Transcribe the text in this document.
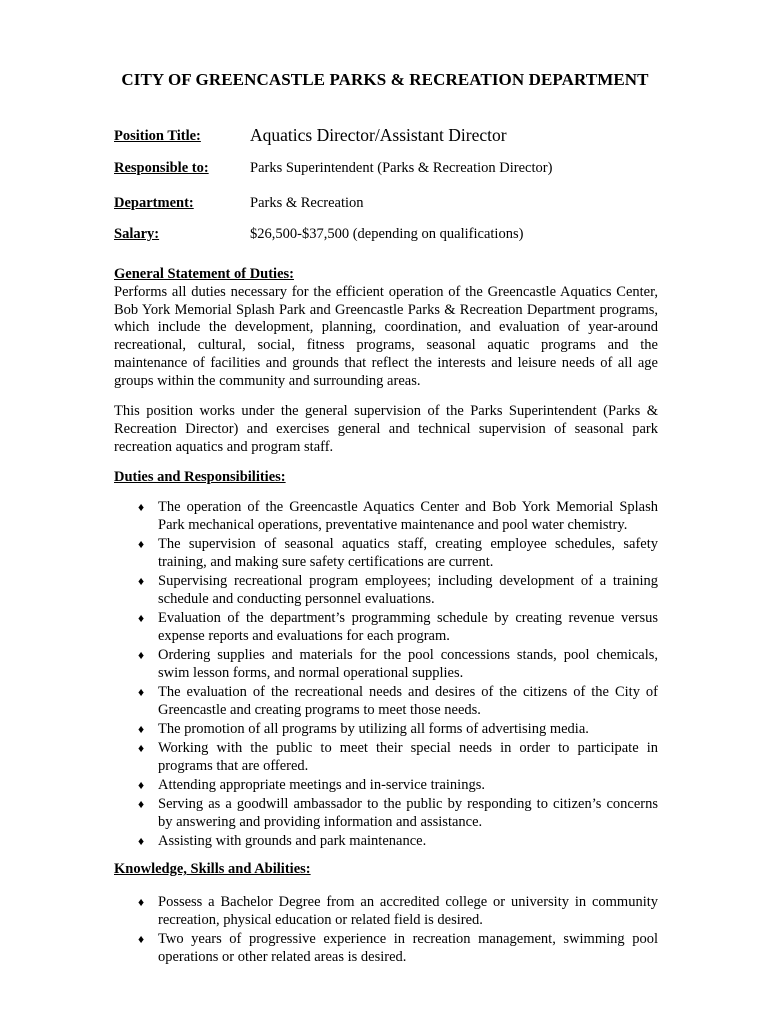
CITY OF GREENCASTLE PARKS & RECREATION DEPARTMENT
Position Title:	Aquatics Director/Assistant Director
Responsible to:	Parks Superintendent (Parks & Recreation Director)
Department:	Parks & Recreation
Salary:	$26,500-$37,500 (depending on qualifications)
General Statement of Duties:

Performs all duties necessary for the efficient operation of the Greencastle Aquatics Center, Bob York Memorial Splash Park and Greencastle Parks & Recreation Department programs, which include the development, planning, coordination, and evaluation of year-around recreational, cultural, social, fitness programs, seasonal aquatic programs and the maintenance of facilities and grounds that reflect the interests and leisure needs of all age groups within the community and surrounding areas.

This position works under the general supervision of the Parks Superintendent (Parks & Recreation Director) and exercises general and technical supervision of seasonal park recreation aquatics and program staff.

Duties and Responsibilities:
♦ The operation of the Greencastle Aquatics Center and Bob York Memorial Splash Park mechanical operations, preventative maintenance and pool water chemistry.
♦ The supervision of seasonal aquatics staff, creating employee schedules, safety training, and making sure safety certifications are current.
♦ Supervising recreational program employees; including development of a training schedule and conducting personnel evaluations.
♦ Evaluation of the department’s programming schedule by creating revenue versus expense reports and evaluations for each program.
♦ Ordering supplies and materials for the pool concessions stands, pool chemicals, swim lesson forms, and normal operational supplies.
♦ The evaluation of the recreational needs and desires of the citizens of the City of Greencastle and creating programs to meet those needs.
♦ The promotion of all programs by utilizing all forms of advertising media.
♦ Working with the public to meet their special needs in order to participate in programs that are offered.
♦ Attending appropriate meetings and in-service trainings.
♦ Serving as a goodwill ambassador to the public by responding to citizen’s concerns by answering and providing information and assistance.
♦ Assisting with grounds and park maintenance.
Knowledge, Skills and Abilities:
♦ Possess a Bachelor Degree from an accredited college or university in community recreation, physical education or related field is desired.
♦ Two years of progressive experience in recreation management, swimming pool operations or other related areas is desired.
